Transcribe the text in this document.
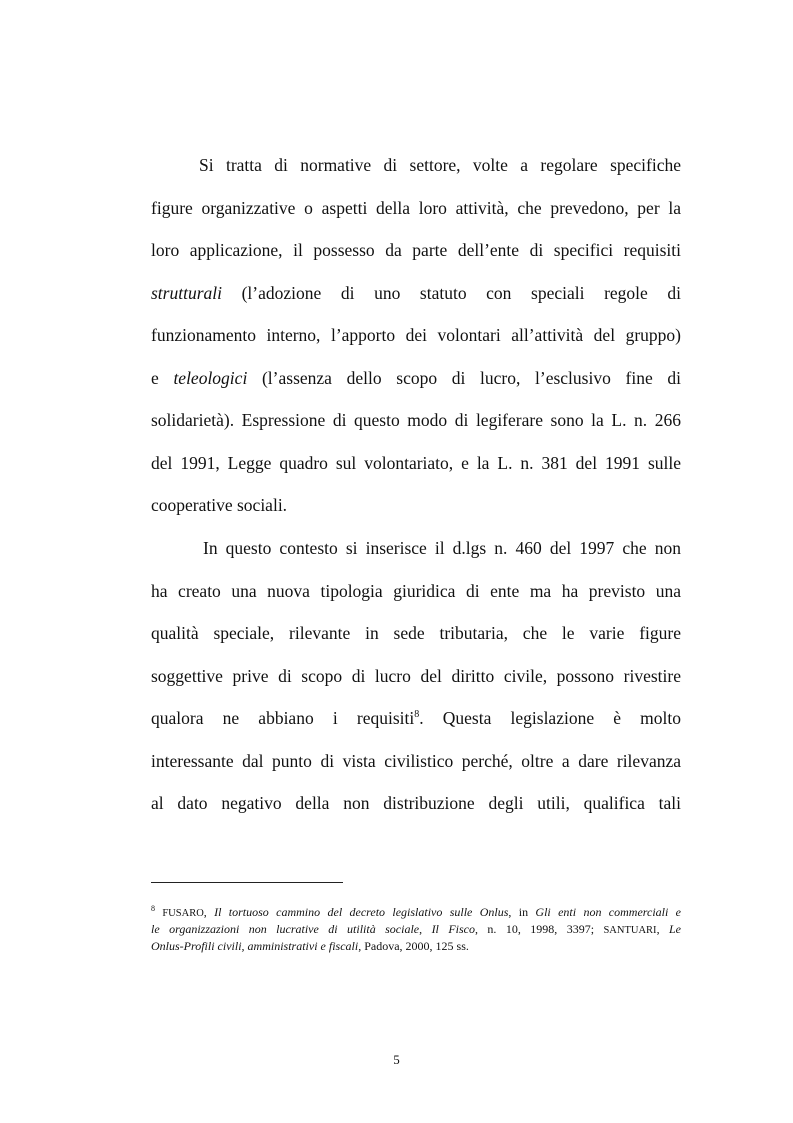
Si tratta di normative di settore, volte a regolare specifiche
figure organizzative o aspetti della loro attività, che prevedono, per la
loro applicazione, il possesso da parte dell’ente di specifici requisiti
strutturali (l’adozione di uno statuto con speciali regole di
funzionamento interno, l’apporto dei volontari all’attività del gruppo)
e teleologici (l’assenza dello scopo di lucro, l’esclusivo fine di
solidarietà). Espressione di questo modo di legiferare sono la L. n. 266
del 1991, Legge quadro sul volontariato, e la L. n. 381 del 1991 sulle
cooperative sociali.
In questo contesto si inserisce il d.lgs n. 460 del 1997 che non
ha creato una nuova tipologia giuridica di ente ma ha previsto una
qualità speciale, rilevante in sede tributaria, che le varie figure
soggettive prive di scopo di lucro del diritto civile, possono rivestire
qualora ne abbiano i requisiti$^8$. Questa legislazione è molto
interessante dal punto di vista civilistico perché, oltre a dare rilevanza
al dato negativo della non distribuzione degli utili, qualifica tali
$^8$ FUSARO, Il tortuoso cammino del decreto legislativo sulle Onlus, in Gli enti non commerciali e
le organizzazioni non lucrative di utilità sociale, Il Fisco, n. 10, 1998, 3397; SANTUARI, Le
Onlus-Profili civili, amministrativi e fiscali, Padova, 2000, 125 ss.
5
